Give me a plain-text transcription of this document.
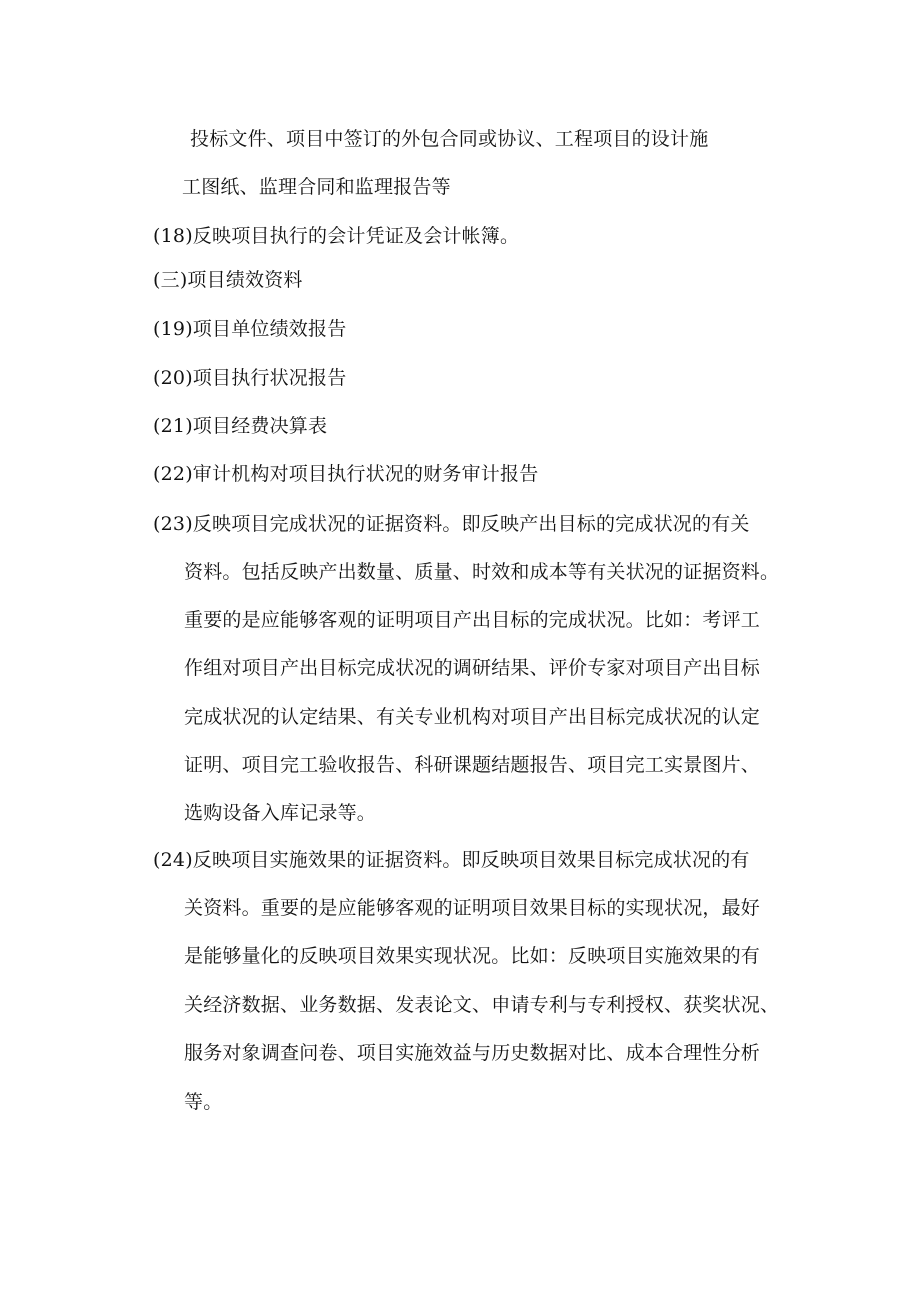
投标文件、项目中签订的外包合同或协议、工程项目的设计施
工图纸、监理合同和监理报告等
(18)反映项目执行的会计凭证及会计帐簿。
(三)项目绩效资料
(19)项目单位绩效报告
(20)项目执行状况报告
(21)项目经费决算表
(22)审计机构对项目执行状况的财务审计报告
(23)反映项目完成状况的证据资料。即反映产出目标的完成状况的有关
资料。包括反映产出数量、质量、时效和成本等有关状况的证据资料。
重要的是应能够客观的证明项目产出目标的完成状况。比如：考评工
作组对项目产出目标完成状况的调研结果、评价专家对项目产出目标
完成状况的认定结果、有关专业机构对项目产出目标完成状况的认定
证明、项目完工验收报告、科研课题结题报告、项目完工实景图片、
选购设备入库记录等。
(24)反映项目实施效果的证据资料。即反映项目效果目标完成状况的有
关资料。重要的是应能够客观的证明项目效果目标的实现状况，最好
是能够量化的反映项目效果实现状况。比如：反映项目实施效果的有
关经济数据、业务数据、发表论文、申请专利与专利授权、获奖状况、
服务对象调查问卷、项目实施效益与历史数据对比、成本合理性分析
等。
